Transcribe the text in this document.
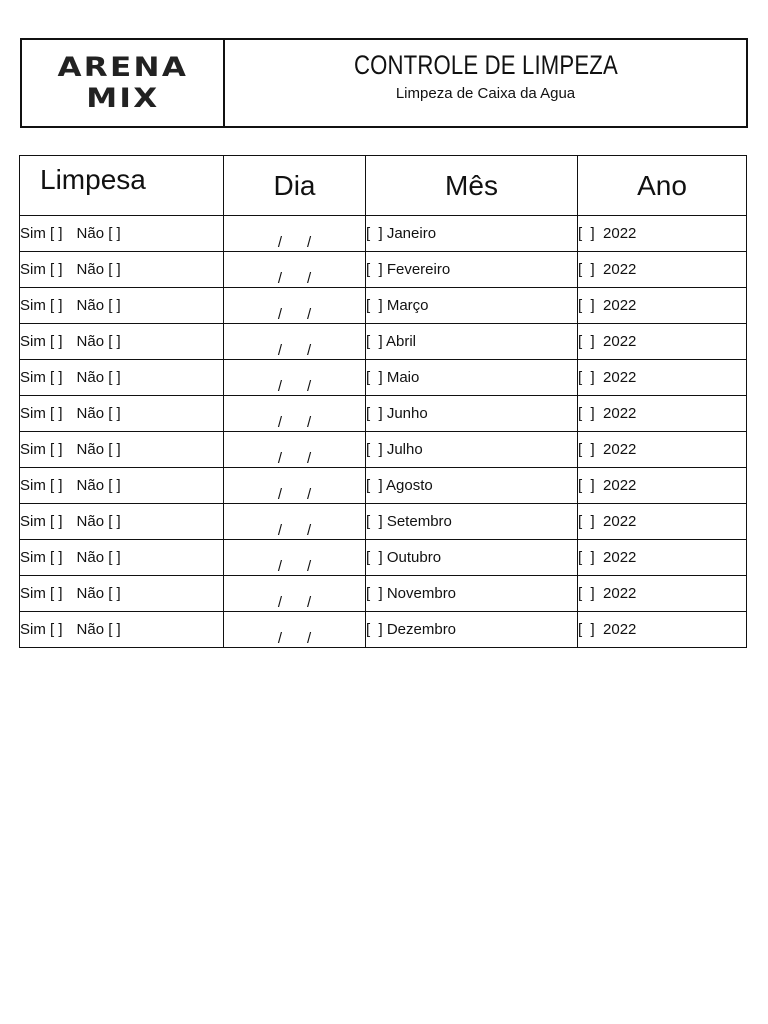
ARENA
MIX
CONTROLE DE LIMPEZA
Limpeza de Caixa da Agua
Limpesa	Dia	Mês	Ano
Sim [ ] Não [ ]	/      /	[  ] Janeiro	[  ]  2022
Sim [ ] Não [ ]	/      /	[  ] Fevereiro	[  ]  2022
Sim [ ] Não [ ]	/      /	[  ] Março	[  ]  2022
Sim [ ] Não [ ]	/      /	[  ] Abril	[  ]  2022
Sim [ ] Não [ ]	/      /	[  ] Maio	[  ]  2022
Sim [ ] Não [ ]	/      /	[  ] Junho	[  ]  2022
Sim [ ] Não [ ]	/      /	[  ] Julho	[  ]  2022
Sim [ ] Não [ ]	/      /	[  ] Agosto	[  ]  2022
Sim [ ] Não [ ]	/      /	[  ] Setembro	[  ]  2022
Sim [ ] Não [ ]	/      /	[  ] Outubro	[  ]  2022
Sim [ ] Não [ ]	/      /	[  ] Novembro	[  ]  2022
Sim [ ] Não [ ]	/      /	[  ] Dezembro	[  ]  2022
